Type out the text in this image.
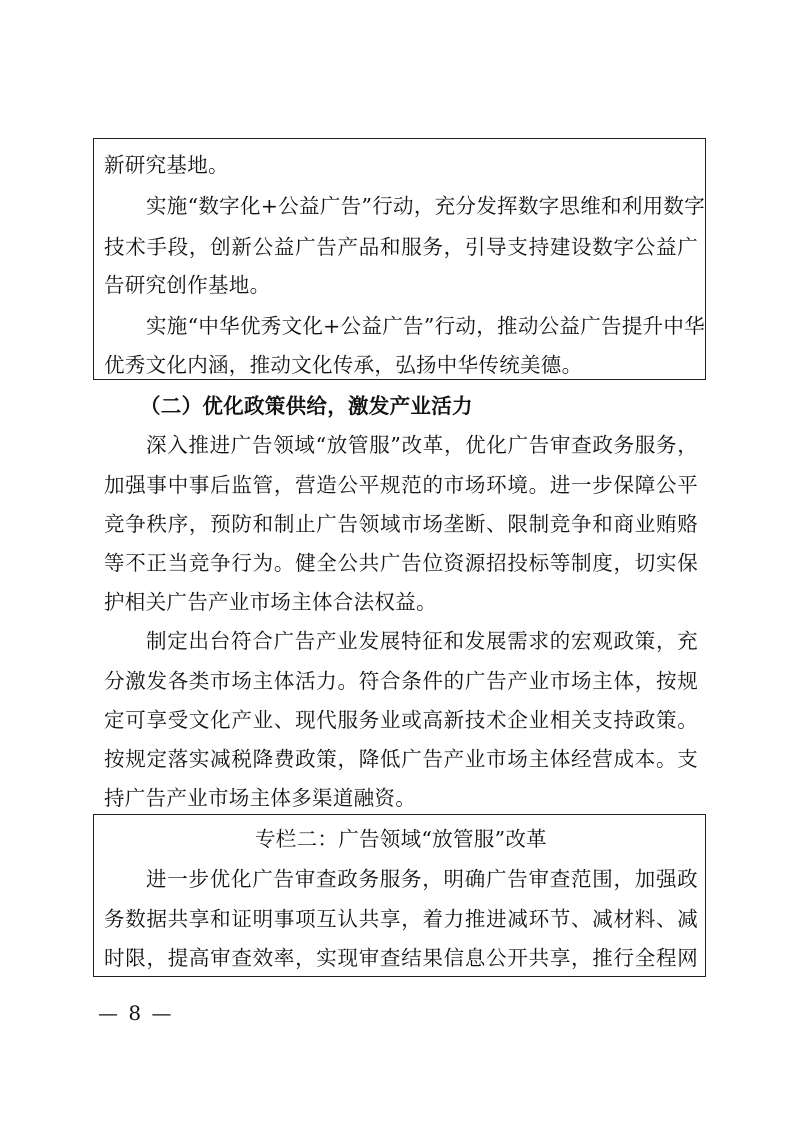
新研究基地。
实施“数字化+公益广告”行动，充分发挥数字思维和利用数字
技术手段，创新公益广告产品和服务，引导支持建设数字公益广
告研究创作基地。
实施“中华优秀文化+公益广告”行动，推动公益广告提升中华
优秀文化内涵，推动文化传承，弘扬中华传统美德。
（二）优化政策供给，激发产业活力
深入推进广告领域“放管服”改革，优化广告审查政务服务，
加强事中事后监管，营造公平规范的市场环境。进一步保障公平
竞争秩序，预防和制止广告领域市场垄断、限制竞争和商业贿赂
等不正当竞争行为。健全公共广告位资源招投标等制度，切实保
护相关广告产业市场主体合法权益。
制定出台符合广告产业发展特征和发展需求的宏观政策，充
分激发各类市场主体活力。符合条件的广告产业市场主体，按规
定可享受文化产业、现代服务业或高新技术企业相关支持政策。
按规定落实减税降费政策，降低广告产业市场主体经营成本。支
持广告产业市场主体多渠道融资。
专栏二：广告领域“放管服”改革
进一步优化广告审查政务服务，明确广告审查范围，加强政
务数据共享和证明事项互认共享，着力推进减环节、减材料、减
时限，提高审查效率，实现审查结果信息公开共享，推行全程网
— 8 —
